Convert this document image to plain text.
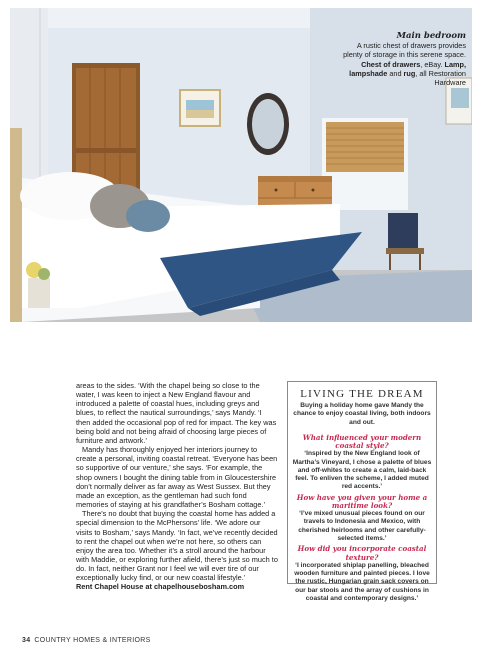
Main bedroom
A rustic chest of drawers provides plenty of storage in this serene space. Chest of drawers, eBay. Lamp, lampshade and rug, all Restoration Hardware

areas to the sides. ‘With the chapel being so close to the water, I was keen to inject a New England flavour and introduced a palette of coastal hues, including greys and blues, to reflect the nautical surroundings,’ says Mandy. ‘I then added the occasional pop of red for impact. The key was being bold and not being afraid of choosing large pieces of furniture and artwork.’

Mandy has thoroughly enjoyed her interiors journey to create a personal, inviting coastal retreat. ‘Everyone has been so supportive of our venture,’ she says. ‘For example, the shop owners I bought the dining table from in Gloucestershire don’t normally deliver as far away as West Sussex. But they made an exception, as the gentleman had such fond memories of staying at his grandfather’s Bosham cottage.’

There’s no doubt that buying the coastal home has added a special dimension to the McPhersons’ life. ‘We adore our visits to Bosham,’ says Mandy. ‘In fact, we’ve recently decided to rent the chapel out when we’re not here, so others can enjoy the area too. Whether it’s a stroll around the harbour with Maddie, or exploring further afield, there’s just so much to do. In fact, neither Grant nor I feel we will ever tire of our exceptionally lucky find, or our new coastal lifestyle.’

Rent Chapel House at chapelhousebosham.com

LIVING THE DREAM
Buying a holiday home gave Mandy the chance to enjoy coastal living, both indoors and out.
What influenced your modern coastal style?
‘Inspired by the New England look of Martha’s Vineyard, I chose a palette of blues and off-whites to create a calm, laid-back feel. To enliven the scheme, I added muted red accents.’
How have you given your home a maritime look?
‘I’ve mixed unusual pieces found on our travels to Indonesia and Mexico, with cherished heirlooms and other carefully-selected items.’
How did you incorporate coastal texture?
‘I incorporated shiplap panelling, bleached wooden furniture and painted pieces. I love the rustic, Hungarian grain sack covers on our bar stools and the array of cushions in coastal and contemporary designs.’
34 COUNTRY HOMES & INTERIORS
